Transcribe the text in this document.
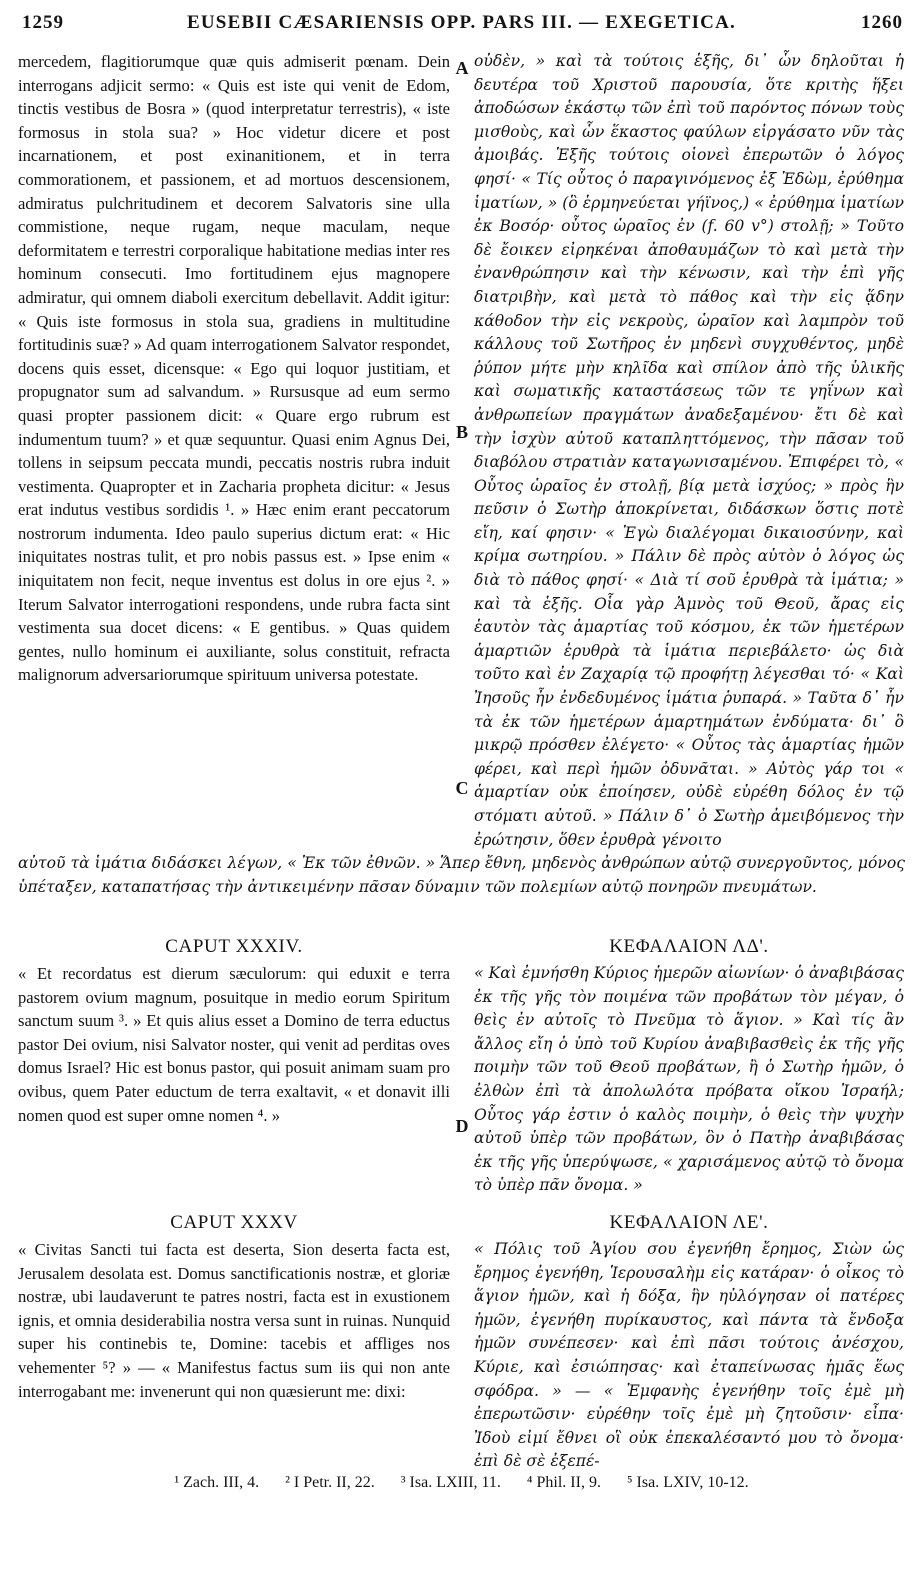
1259	EUSEBII CÆSARIENSIS OPP. PARS III. — EXEGETICA.	1260

mercedem, flagitiorumque quæ quis admiserit pœnam. Dein interrogans adjicit sermo: « Quis est iste qui venit de Edom, tinctis vestibus de Bosra » (quod interpretatur terrestris), « iste formosus in stola sua? » Hoc videtur dicere et post incarnationem, et post exinanitionem, et in terra commorationem, et passionem, et ad mortuos descensionem, admiratus pulchritudinem et decorem Salvatoris sine ulla commistione, neque rugam, neque maculam, neque deformitatem e terrestri corporalique habitatione medias inter res hominum consecuti. Imo fortitudinem ejus magnopere admiratur, qui omnem diaboli exercitum debellavit. Addit igitur: « Quis iste formosus in stola sua, gradiens in multitudine fortitudinis suæ? » Ad quam interrogationem Salvator respondet, docens quis esset, dicensque: « Ego qui loquor justitiam, et propugnator sum ad salvandum. » Rursusque ad eum sermo quasi propter passionem dicit: « Quare ergo rubrum est indumentum tuum? » et quæ sequuntur. Quasi enim Agnus Dei, tollens in seipsum peccata mundi, peccatis nostris rubra induit vestimenta. Quapropter et in Zacharia propheta dicitur: « Jesus erat indutus vestibus sordidis ¹. » Hæc enim erant peccatorum nostrorum indumenta. Ideo paulo superius dictum erat: « Hic iniquitates nostras tulit, et pro nobis passus est. » Ipse enim « iniquitatem non fecit, neque inventus est dolus in ore ejus ². » Iterum Salvator interrogationi respondens, unde rubra facta sint vestimenta sua docet dicens: « E gentibus. » Quas quidem gentes, nullo hominum ei auxiliante, solus constituit, refracta malignorum adversariorumque spirituum universa potestate.

οὐδὲν, » καὶ τὰ τούτοις ἑξῆς, δι᾽ ὧν δηλοῦται ἡ δευτέρα τοῦ Χριστοῦ παρουσία, ὅτε κριτὴς ἥξει ἀποδώσων ἑκάστῳ τῶν ἐπὶ τοῦ παρόντος πόνων τοὺς μισθοὺς, καὶ ὧν ἕκαστος φαύλων εἰργάσατο νῦν τὰς ἀμοιβάς. Ἑξῆς τούτοις οἱονεὶ ἐπερωτῶν ὁ λόγος φησί· « Τίς οὗτος ὁ παραγινόμενος ἐξ Ἐδὼμ, ἐρύθημα ἱματίων, » (ὃ ἑρμηνεύεται γήϊνος,) « ἐρύθημα ἱματίων ἐκ Βοσόρ· οὗτος ὡραῖος ἐν (f. 60 v°) στολῇ; » Τοῦτο δὲ ἔοικεν εἰρηκέναι ἀποθαυμάζων τὸ καὶ μετὰ τὴν ἐνανθρώπησιν καὶ τὴν κένωσιν, καὶ τὴν ἐπὶ γῆς διατριβὴν, καὶ μετὰ τὸ πάθος καὶ τὴν εἰς ᾅδην κάθοδον τὴν εἰς νεκροὺς, ὡραῖον καὶ λαμπρὸν τοῦ κάλλους τοῦ Σωτῆρος ἐν μηδενὶ συγχυθέντος, μηδὲ ῥύπον μήτε μὴν κηλῖδα καὶ σπίλον ἀπὸ τῆς ὑλικῆς καὶ σωματικῆς καταστάσεως τῶν τε γηΐνων καὶ ἀνθρωπείων πραγμάτων ἀναδεξαμένου· ἔτι δὲ καὶ τὴν ἰσχὺν αὐτοῦ καταπληττόμενος, τὴν πᾶσαν τοῦ διαβόλου στρατιὰν καταγωνισαμένου. Ἐπιφέρει τὸ, « Οὗτος ὡραῖος ἐν στολῇ, βίᾳ μετὰ ἰσχύος; » πρὸς ἣν πεῦσιν ὁ Σωτὴρ ἀποκρίνεται, διδάσκων ὅστις ποτὲ εἴη, καί φησιν· « Ἐγὼ διαλέγομαι δικαιοσύνην, καὶ κρίμα σωτηρίου. » Πάλιν δὲ πρὸς αὐτὸν ὁ λόγος ὡς διὰ τὸ πάθος φησί· « Διὰ τί σοῦ ἐρυθρὰ τὰ ἱμάτια; » καὶ τὰ ἑξῆς. Οἷα γὰρ Ἀμνὸς τοῦ Θεοῦ, ἄρας εἰς ἑαυτὸν τὰς ἁμαρτίας τοῦ κόσμου, ἐκ τῶν ἡμετέρων ἁμαρτιῶν ἐρυθρὰ τὰ ἱμάτια περιεβάλετο· ὡς διὰ τοῦτο καὶ ἐν Ζαχαρίᾳ τῷ προφήτῃ λέγεσθαι τό· « Καὶ Ἰησοῦς ἦν ἐνδεδυμένος ἱμάτια ῥυπαρά. » Ταῦτα δ᾽ ἦν τὰ ἐκ τῶν ἡμετέρων ἁμαρτημάτων ἐνδύματα· δι᾽ ὃ μικρῷ πρόσθεν ἐλέγετο· « Οὗτος τὰς ἁμαρτίας ἡμῶν φέρει, καὶ περὶ ἡμῶν ὀδυνᾶται. » Αὐτὸς γάρ τοι « ἁμαρτίαν οὐκ ἐποίησεν, οὐδὲ εὑρέθη δόλος ἐν τῷ στόματι αὐτοῦ. » Πάλιν δ᾽ ὁ Σωτὴρ ἀμειβόμενος τὴν ἐρώτησιν, ὅθεν ἐρυθρὰ γένοιτο

αὐτοῦ τὰ ἱμάτια διδάσκει λέγων, « Ἐκ τῶν ἐθνῶν. » Ἅπερ ἔθνη, μηδενὸς ἀνθρώπων αὐτῷ συνεργοῦντος, μόνος ὑπέταξεν, καταπατήσας τὴν ἀντικειμένην πᾶσαν δύναμιν τῶν πολεμίων αὐτῷ πονηρῶν πνευμάτων.

A
B
C
D
CAPUT XXXIV.	ΚΕΦΑΛΑΙΟΝ ΛΔ'.

« Et recordatus est dierum sæculorum: qui eduxit e terra pastorem ovium magnum, posuitque in medio eorum Spiritum sanctum suum ³. » Et quis alius esset a Domino de terra eductus pastor Dei ovium, nisi Salvator noster, qui venit ad perditas oves domus Israel? Hic est bonus pastor, qui posuit animam suam pro ovibus, quem Pater eductum de terra exaltavit, « et donavit illi nomen quod est super omne nomen ⁴. »

« Καὶ ἐμνήσθη Κύριος ἡμερῶν αἰωνίων· ὁ ἀναβιβάσας ἐκ τῆς γῆς τὸν ποιμένα τῶν προβάτων τὸν μέγαν, ὁ θεὶς ἐν αὐτοῖς τὸ Πνεῦμα τὸ ἅγιον. » Καὶ τίς ἂν ἄλλος εἴη ὁ ὑπὸ τοῦ Κυρίου ἀναβιβασθεὶς ἐκ τῆς γῆς ποιμὴν τῶν τοῦ Θεοῦ προβάτων, ἢ ὁ Σωτὴρ ἡμῶν, ὁ ἐλθὼν ἐπὶ τὰ ἀπολωλότα πρόβατα οἴκου Ἰσραήλ; Οὗτος γάρ ἐστιν ὁ καλὸς ποιμὴν, ὁ θεὶς τὴν ψυχὴν αὐτοῦ ὑπὲρ τῶν προβάτων, ὃν ὁ Πατὴρ ἀναβιβάσας ἐκ τῆς γῆς ὑπερύψωσε, « χαρισάμενος αὐτῷ τὸ ὄνομα τὸ ὑπὲρ πᾶν ὄνομα. »

CAPUT XXXV	ΚΕΦΑΛΑΙΟΝ ΛΕ'.

« Civitas Sancti tui facta est deserta, Sion deserta facta est, Jerusalem desolata est. Domus sanctificationis nostræ, et gloriæ nostræ, ubi laudaverunt te patres nostri, facta est in exustionem ignis, et omnia desiderabilia nostra versa sunt in ruinas. Nunquid super his continebis te, Domine: tacebis et affliges nos vehementer ⁵? » — « Manifestus factus sum iis qui non ante interrogabant me: invenerunt qui non quæsierunt me: dixi:

« Πόλις τοῦ Ἁγίου σου ἐγενήθη ἔρημος, Σιὼν ὡς ἔρημος ἐγενήθη, Ἱερουσαλὴμ εἰς κατάραν· ὁ οἶκος τὸ ἅγιον ἡμῶν, καὶ ἡ δόξα, ἣν ηὐλόγησαν οἱ πατέρες ἡμῶν, ἐγενήθη πυρίκαυστος, καὶ πάντα τὰ ἔνδοξα ἡμῶν συνέπεσεν· καὶ ἐπὶ πᾶσι τούτοις ἀνέσχου, Κύριε, καὶ ἐσιώπησας· καὶ ἐταπείνωσας ἡμᾶς ἕως σφόδρα. » — « Ἐμφανὴς ἐγενήθην τοῖς ἐμὲ μὴ ἐπερωτῶσιν· εὑρέθην τοῖς ἐμὲ μὴ ζητοῦσιν· εἶπα· Ἰδοὺ εἰμί ἔθνει οἳ οὐκ ἐπεκαλέσαντό μου τὸ ὄνομα· ἐπὶ δὲ σὲ ἐξεπέ-

¹ Zach. III, 4. ² I Petr. II, 22. ³ Isa. LXIII, 11. ⁴ Phil. II, 9. ⁵ Isa. LXIV, 10-12.
